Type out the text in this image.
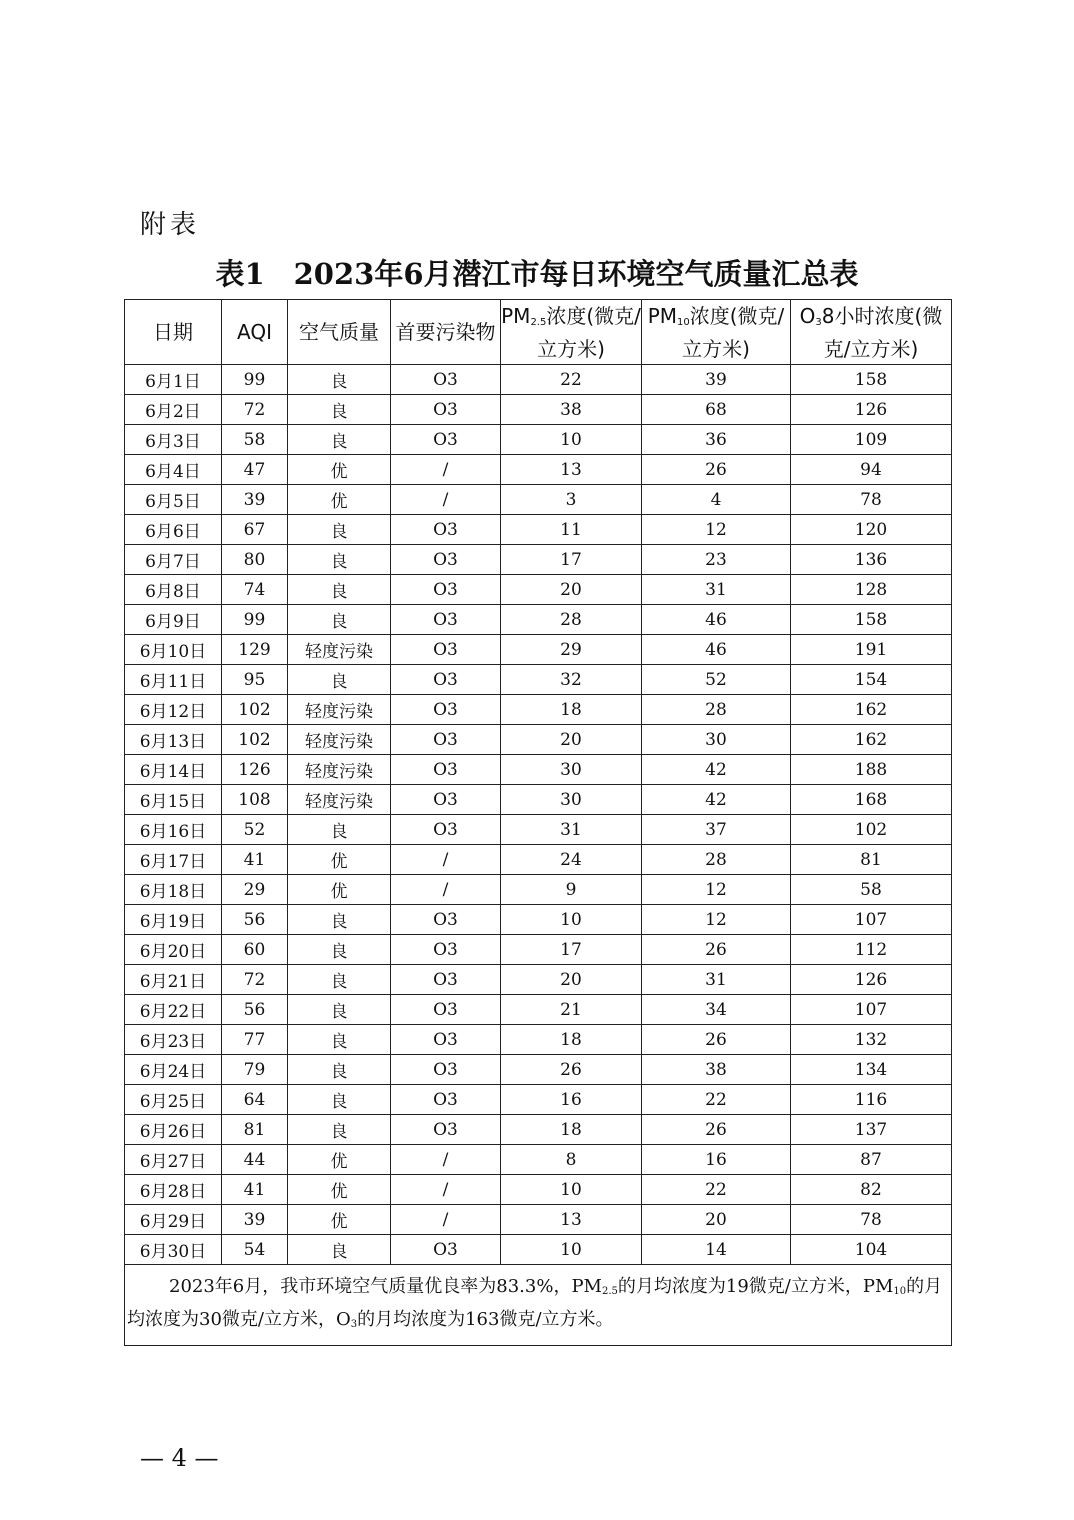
附表
表1　2023年6月潜江市每日环境空气质量汇总表
日期	AQI	空气质量	首要污染物	$PM_{2.5}$浓度(微克/立方米)	$PM_{10}$浓度(微克/立方米)	$O_38$小时浓度(微克/立方米)
6月1日	99	良	O3	22	39	158
6月2日	72	良	O3	38	68	126
6月3日	58	良	O3	10	36	109
6月4日	47	优	/	13	26	94
6月5日	39	优	/	3	4	78
6月6日	67	良	O3	11	12	120
6月7日	80	良	O3	17	23	136
6月8日	74	良	O3	20	31	128
6月9日	99	良	O3	28	46	158
6月10日	129	轻度污染	O3	29	46	191
6月11日	95	良	O3	32	52	154
6月12日	102	轻度污染	O3	18	28	162
6月13日	102	轻度污染	O3	20	30	162
6月14日	126	轻度污染	O3	30	42	188
6月15日	108	轻度污染	O3	30	42	168
6月16日	52	良	O3	31	37	102
6月17日	41	优	/	24	28	81
6月18日	29	优	/	9	12	58
6月19日	56	良	O3	10	12	107
6月20日	60	良	O3	17	26	112
6月21日	72	良	O3	20	31	126
6月22日	56	良	O3	21	34	107
6月23日	77	良	O3	18	26	132
6月24日	79	良	O3	26	38	134
6月25日	64	良	O3	16	22	116
6月26日	81	良	O3	18	26	137
6月27日	44	优	/	8	16	87
6月28日	41	优	/	10	22	82
6月29日	39	优	/	13	20	78
6月30日	54	良	O3	10	14	104
2023年6月，我市环境空气质量优良率为83.3%，$PM_{2.5}$的月均浓度为19微克/立方米，$PM_{10}$的月均浓度为30微克/立方米，$O_3$的月均浓度为163微克/立方米。						
— 4 —
